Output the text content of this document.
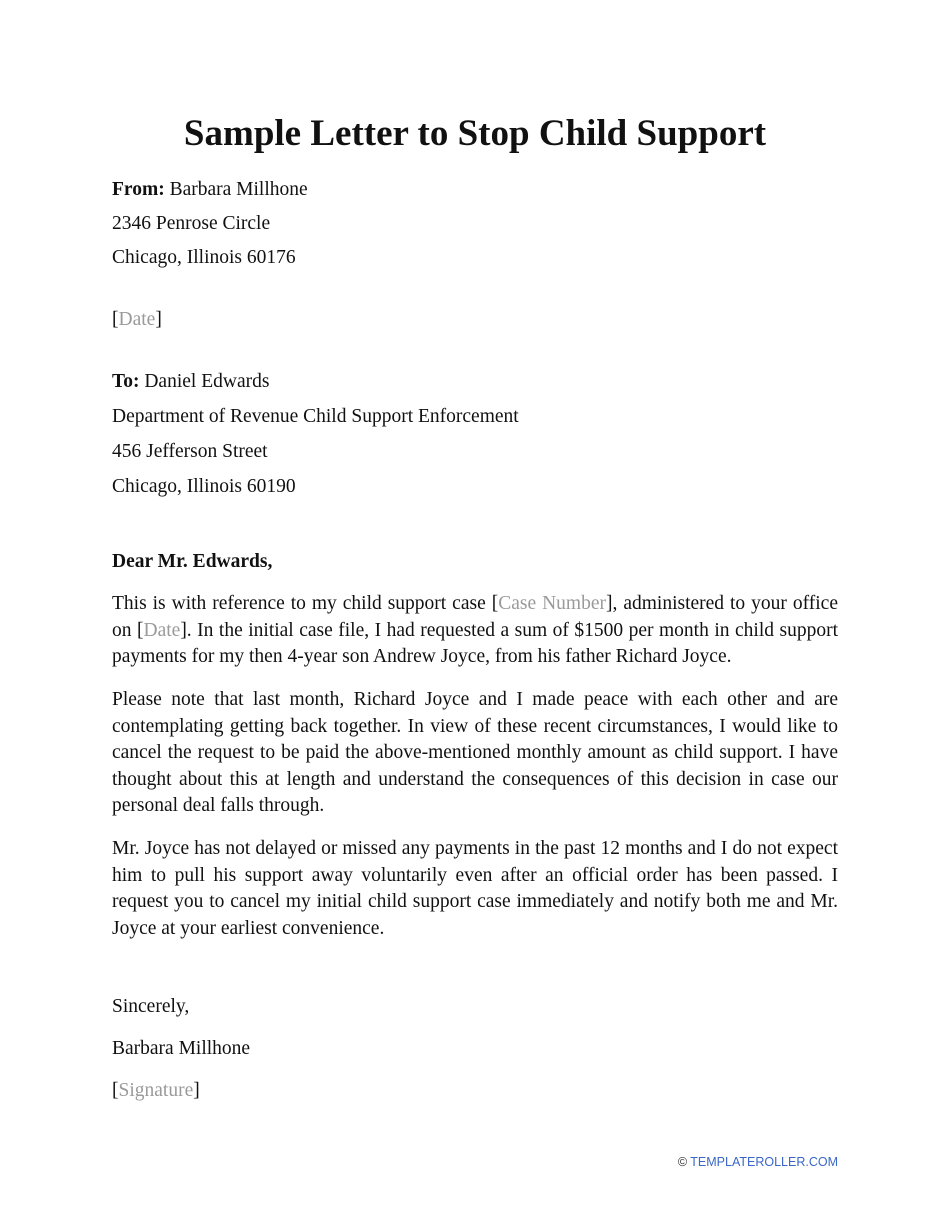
Sample Letter to Stop Child Support
From: Barbara Millhone
2346 Penrose Circle
Chicago, Illinois 60176
[Date]
To: Daniel Edwards
Department of Revenue Child Support Enforcement
456 Jefferson Street
Chicago, Illinois 60190
Dear Mr. Edwards,

This is with reference to my child support case [Case Number], administered to your office on [Date]. In the initial case file, I had requested a sum of $1500 per month in child support payments for my then 4-year son Andrew Joyce, from his father Richard Joyce.

Please note that last month, Richard Joyce and I made peace with each other and are contemplating getting back together. In view of these recent circumstances, I would like to cancel the request to be paid the above-mentioned monthly amount as child support. I have thought about this at length and understand the consequences of this decision in case our personal deal falls through.

Mr. Joyce has not delayed or missed any payments in the past 12 months and I do not expect him to pull his support away voluntarily even after an official order has been passed. I request you to cancel my initial child support case immediately and notify both me and Mr. Joyce at your earliest convenience.

Sincerely,
Barbara Millhone
[Signature]
© TEMPLATEROLLER.COM
